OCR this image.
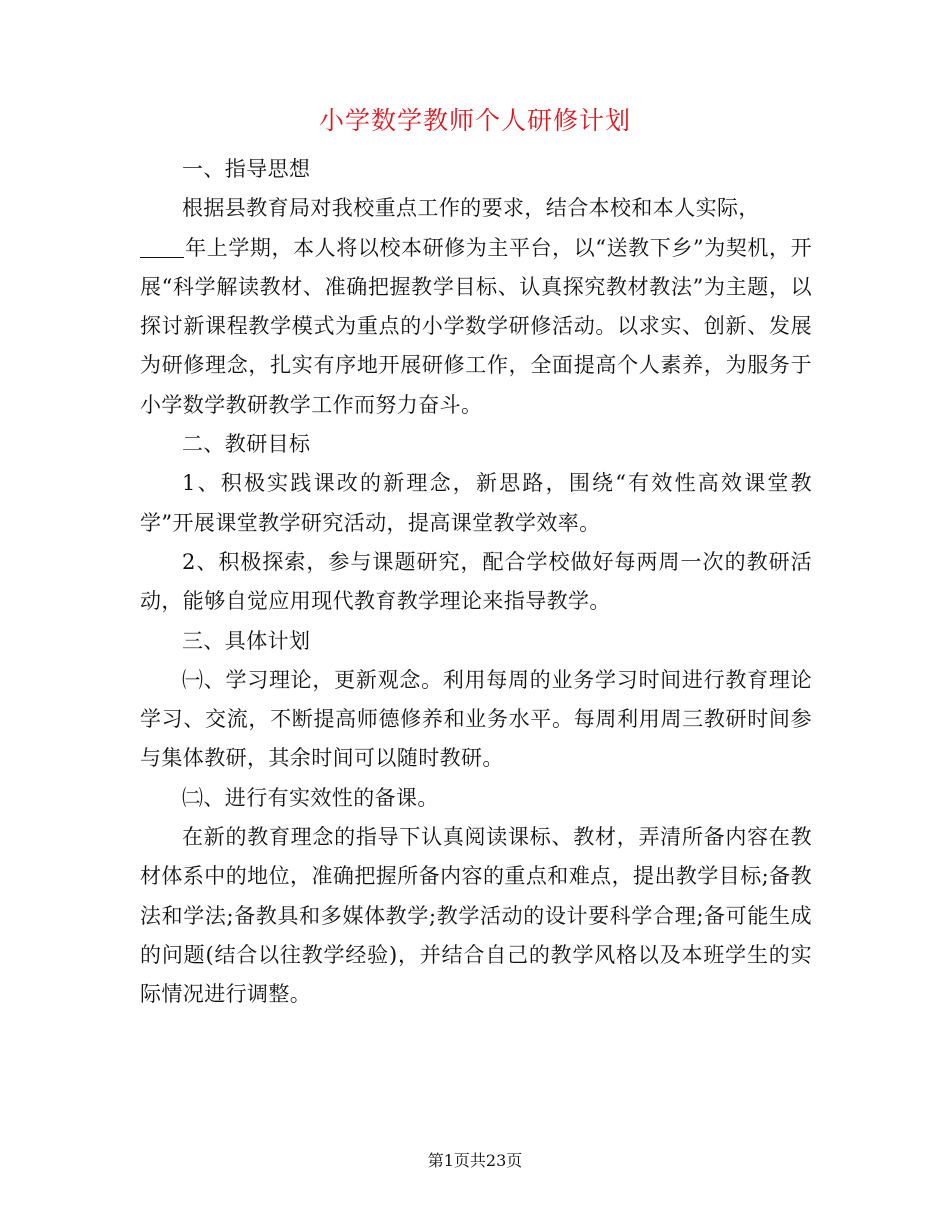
小学数学教师个人研修计划

一、指导思想

根据县教育局对我校重点工作的要求，结合本校和本人实际，

年上学期，本人将以校本研修为主平台，以“送教下乡”为契机，开展“科学解读教材、准确把握教学目标、认真探究教材教法”为主题，以探讨新课程教学模式为重点的小学数学研修活动。以求实、创新、发展为研修理念，扎实有序地开展研修工作，全面提高个人素养，为服务于小学数学教研教学工作而努力奋斗。

二、教研目标

1、积极实践课改的新理念，新思路，围绕“有效性高效课堂教学”开展课堂教学研究活动，提高课堂教学效率。

2、积极探索，参与课题研究，配合学校做好每两周一次的教研活动，能够自觉应用现代教育教学理论来指导教学。

三、具体计划

㈠、学习理论，更新观念。利用每周的业务学习时间进行教育理论学习、交流，不断提高师德修养和业务水平。每周利用周三教研时间参与集体教研，其余时间可以随时教研。

㈡、进行有实效性的备课。

在新的教育理念的指导下认真阅读课标、教材，弄清所备内容在教材体系中的地位，准确把握所备内容的重点和难点，提出教学目标;备教法和学法;备教具和多媒体教学;教学活动的设计要科学合理;备可能生成的问题(结合以往教学经验)，并结合自己的教学风格以及本班学生的实际情况进行调整。

第1页共23页
